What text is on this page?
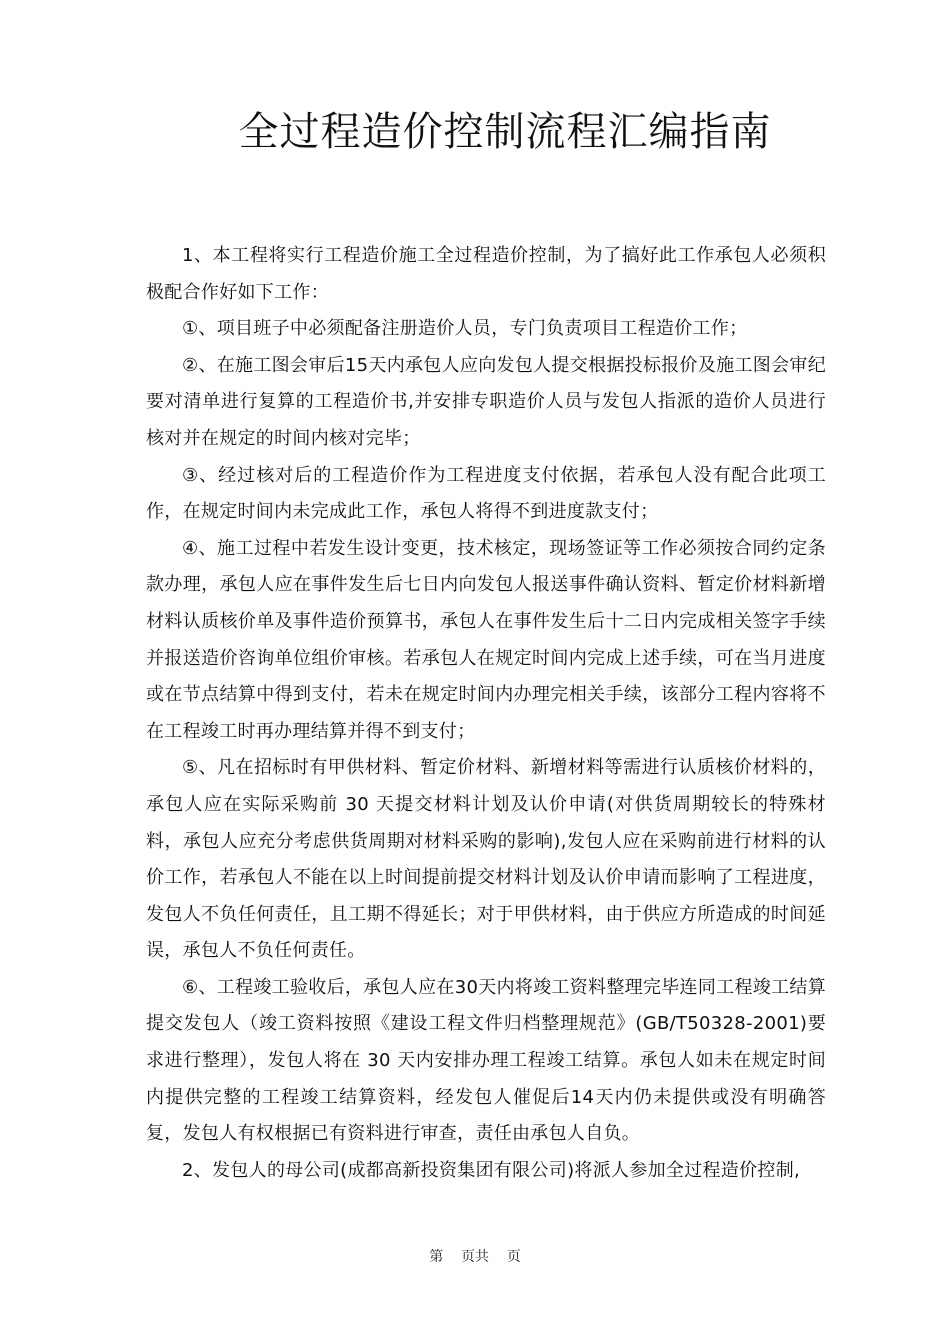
全过程造价控制流程汇编指南

1、本工程将实行工程造价施工全过程造价控制，为了搞好此工作承包人必须积极配合作好如下工作：

①、项目班子中必须配备注册造价人员，专门负责项目工程造价工作；

②、在施工图会审后15天内承包人应向发包人提交根据投标报价及施工图会审纪要对清单进行复算的工程造价书,并安排专职造价人员与发包人指派的造价人员进行核对并在规定的时间内核对完毕；

③、经过核对后的工程造价作为工程进度支付依据，若承包人没有配合此项工作，在规定时间内未完成此工作，承包人将得不到进度款支付；

④、施工过程中若发生设计变更，技术核定，现场签证等工作必须按合同约定条款办理，承包人应在事件发生后七日内向发包人报送事件确认资料、暂定价材料新增材料认质核价单及事件造价预算书，承包人在事件发生后十二日内完成相关签字手续并报送造价咨询单位组价审核。若承包人在规定时间内完成上述手续，可在当月进度或在节点结算中得到支付，若未在规定时间内办理完相关手续，该部分工程内容将不在工程竣工时再办理结算并得不到支付；

⑤、凡在招标时有甲供材料、暂定价材料、新增材料等需进行认质核价材料的，承包人应在实际采购前 30 天提交材料计划及认价申请(对供货周期较长的特殊材料，承包人应充分考虑供货周期对材料采购的影响),发包人应在采购前进行材料的认价工作，若承包人不能在以上时间提前提交材料计划及认价申请而影响了工程进度，发包人不负任何责任，且工期不得延长；对于甲供材料，由于供应方所造成的时间延误，承包人不负任何责任。

⑥、工程竣工验收后，承包人应在30天内将竣工资料整理完毕连同工程竣工结算提交发包人（竣工资料按照《建设工程文件归档整理规范》(GB/T50328-2001)要求进行整理），发包人将在 30 天内安排办理工程竣工结算。承包人如未在规定时间内提供完整的工程竣工结算资料，经发包人催促后14天内仍未提供或没有明确答复，发包人有权根据已有资料进行审查，责任由承包人自负。

2、发包人的母公司(成都高新投资集团有限公司)将派人参加全过程造价控制,

第    页共    页
